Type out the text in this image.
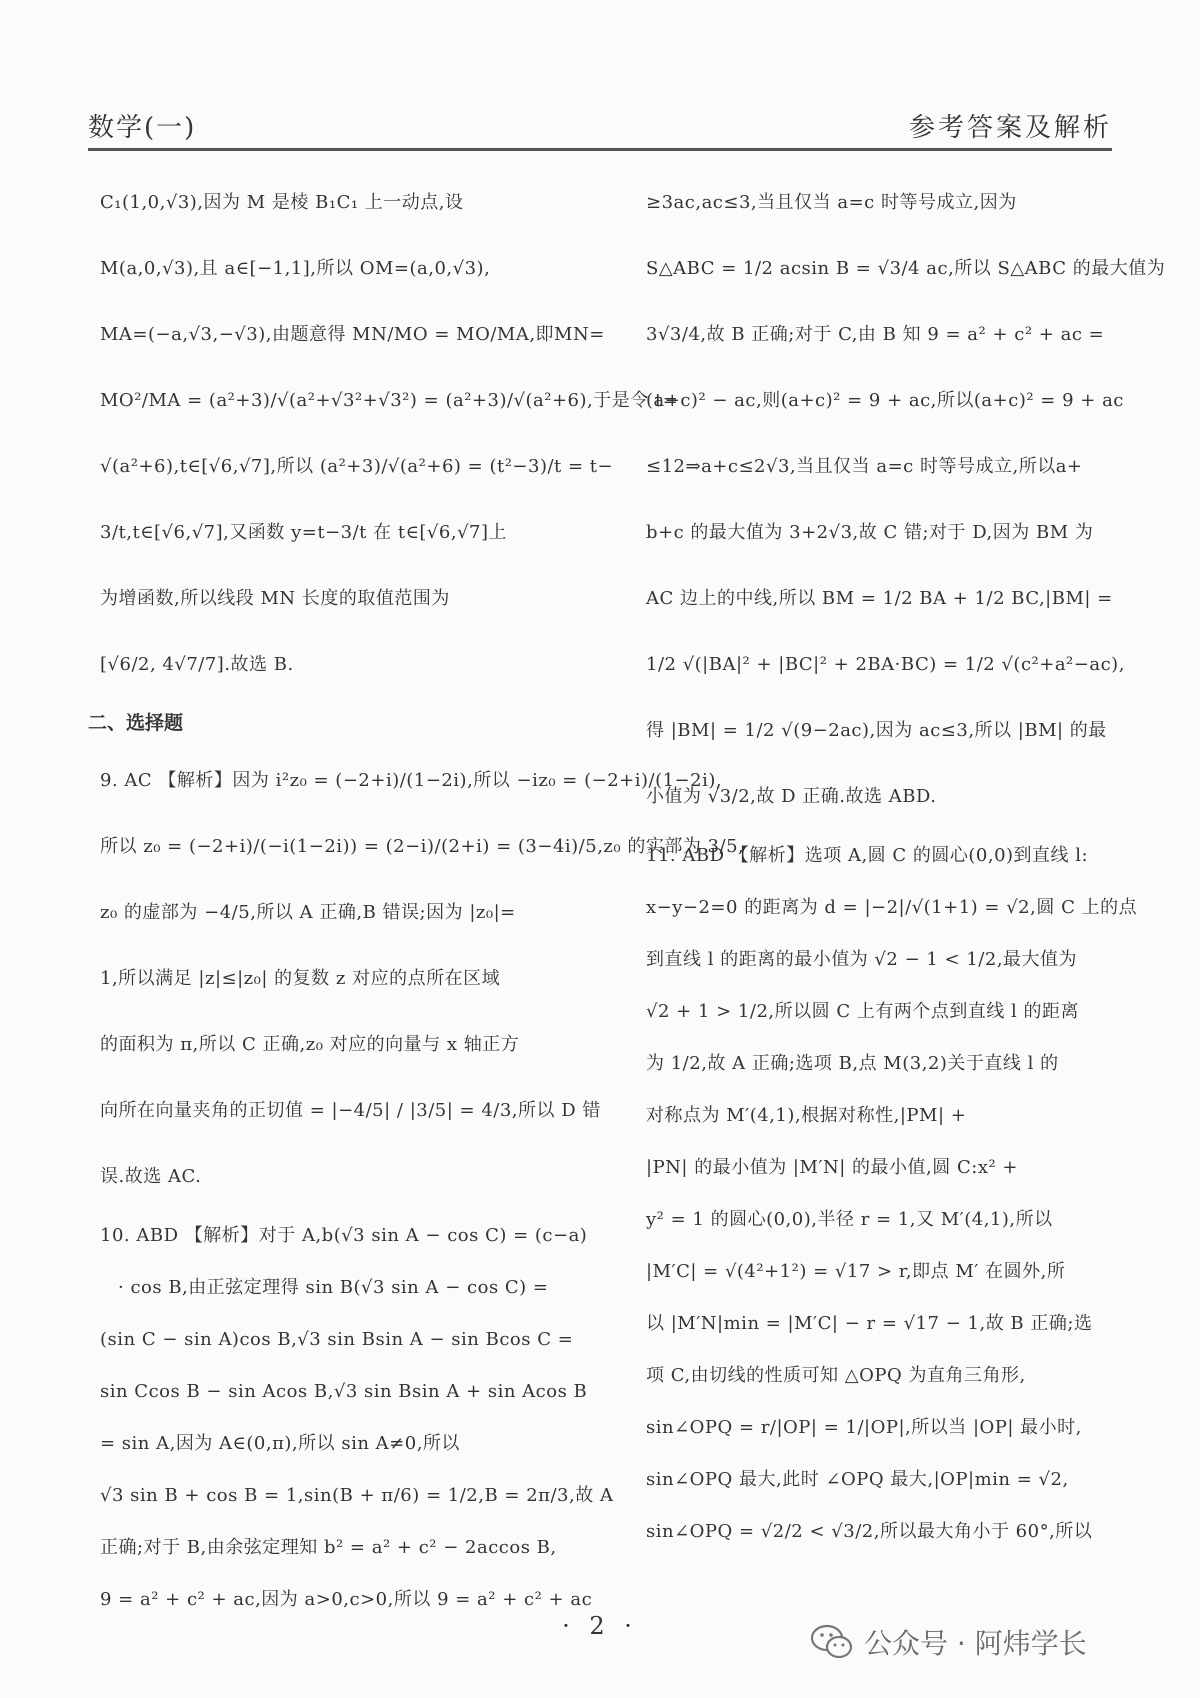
数学(一)	参考答案及解析
C₁(1,0,√3),因为 M 是棱 B₁C₁ 上一动点,设
M(a,0,√3),且 a∈[−1,1],所以 OM=(a,0,√3),
MA=(−a,√3,−√3),由题意得 MN/MO = MO/MA,即MN=
MO²/MA = (a²+3)/√(a²+√3²+√3²) = (a²+3)/√(a²+6),于是令 t=
√(a²+6),t∈[√6,√7],所以 (a²+3)/√(a²+6) = (t²−3)/t = t−
3/t,t∈[√6,√7],又函数 y=t−3/t 在 t∈[√6,√7]上
为增函数,所以线段 MN 长度的取值范围为
[√6/2, 4√7/7].故选 B.
二、选择题
9. AC 【解析】因为 i²z₀ = (−2+i)/(1−2i),所以 −iz₀ = (−2+i)/(1−2i),
所以 z₀ = (−2+i)/(−i(1−2i)) = (2−i)/(2+i) = (3−4i)/5,z₀ 的实部为 3/5,
z₀ 的虚部为 −4/5,所以 A 正确,B 错误;因为 |z₀|=
1,所以满足 |z|≤|z₀| 的复数 z 对应的点所在区域
的面积为 π,所以 C 正确,z₀ 对应的向量与 x 轴正方
向所在向量夹角的正切值 = |−4/5| / |3/5| = 4/3,所以 D 错
误.故选 AC.
10. ABD 【解析】对于 A,b(√3 sin A − cos C) = (c−a)
· cos B,由正弦定理得 sin B(√3 sin A − cos C) =
(sin C − sin A)cos B,√3 sin Bsin A − sin Bcos C =
sin Ccos B − sin Acos B,√3 sin Bsin A + sin Acos B
= sin A,因为 A∈(0,π),所以 sin A≠0,所以
√3 sin B + cos B = 1,sin(B + π/6) = 1/2,B = 2π/3,故 A
正确;对于 B,由余弦定理知 b² = a² + c² − 2accos B,
9 = a² + c² + ac,因为 a>0,c>0,所以 9 = a² + c² + ac
≥3ac,ac≤3,当且仅当 a=c 时等号成立,因为
S△ABC = 1/2 acsin B = √3/4 ac,所以 S△ABC 的最大值为
3√3/4,故 B 正确;对于 C,由 B 知 9 = a² + c² + ac =
(a+c)² − ac,则(a+c)² = 9 + ac,所以(a+c)² = 9 + ac
≤12⇒a+c≤2√3,当且仅当 a=c 时等号成立,所以a+
b+c 的最大值为 3+2√3,故 C 错;对于 D,因为 BM 为
AC 边上的中线,所以 BM = 1/2 BA + 1/2 BC,|BM| =
1/2 √(|BA|² + |BC|² + 2BA·BC) = 1/2 √(c²+a²−ac),
得 |BM| = 1/2 √(9−2ac),因为 ac≤3,所以 |BM| 的最
小值为 √3/2,故 D 正确.故选 ABD.
11. ABD 【解析】选项 A,圆 C 的圆心(0,0)到直线 l:
x−y−2=0 的距离为 d = |−2|/√(1+1) = √2,圆 C 上的点
到直线 l 的距离的最小值为 √2 − 1 < 1/2,最大值为
√2 + 1 > 1/2,所以圆 C 上有两个点到直线 l 的距离
为 1/2,故 A 正确;选项 B,点 M(3,2)关于直线 l 的
对称点为 M′(4,1),根据对称性,|PM| +
|PN| 的最小值为 |M′N| 的最小值,圆 C:x² +
y² = 1 的圆心(0,0),半径 r = 1,又 M′(4,1),所以
|M′C| = √(4²+1²) = √17 > r,即点 M′ 在圆外,所
以 |M′N|min = |M′C| − r = √17 − 1,故 B 正确;选
项 C,由切线的性质可知 △OPQ 为直角三角形,
sin∠OPQ = r/|OP| = 1/|OP|,所以当 |OP| 最小时,
sin∠OPQ 最大,此时 ∠OPQ 最大,|OP|min = √2,
sin∠OPQ = √2/2 < √3/2,所以最大角小于 60°,所以
· 2 ·
公众号 · 阿炜学长
